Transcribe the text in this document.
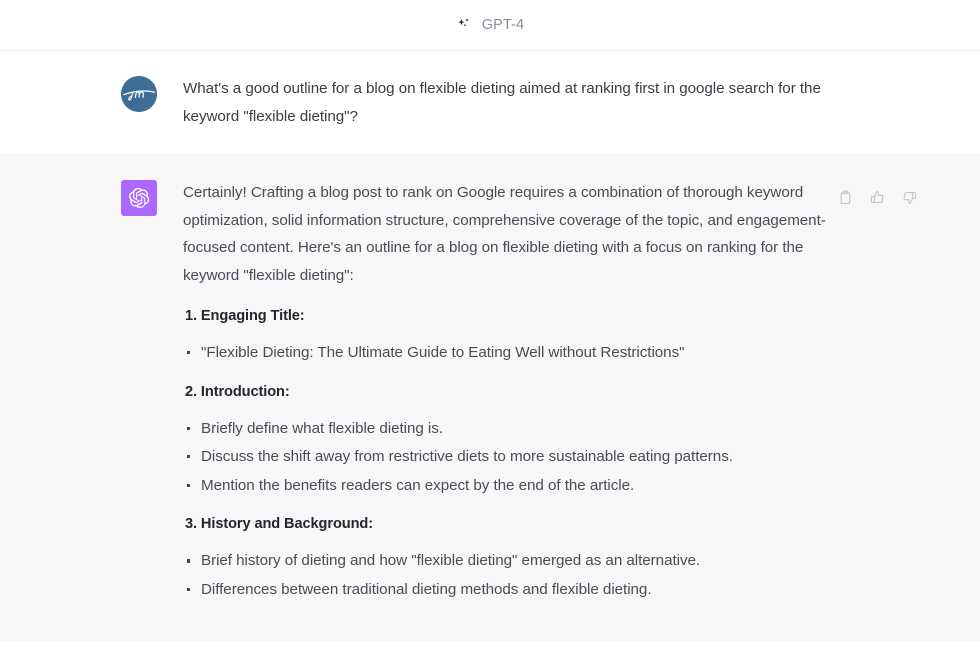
GPT-4

What's a good outline for a blog on flexible dieting aimed at ranking first in google search for the keyword "flexible dieting"?

Certainly! Crafting a blog post to rank on Google requires a combination of thorough keyword optimization, solid information structure, comprehensive coverage of the topic, and engagement-focused content. Here's an outline for a blog on flexible dieting with a focus on ranking for the keyword "flexible dieting":

1. Engaging Title:

"Flexible Dieting: The Ultimate Guide to Eating Well without Restrictions"

2. Introduction:

Briefly define what flexible dieting is.
Discuss the shift away from restrictive diets to more sustainable eating patterns.
Mention the benefits readers can expect by the end of the article.

3. History and Background:

Brief history of dieting and how "flexible dieting" emerged as an alternative.
Differences between traditional dieting methods and flexible dieting.
